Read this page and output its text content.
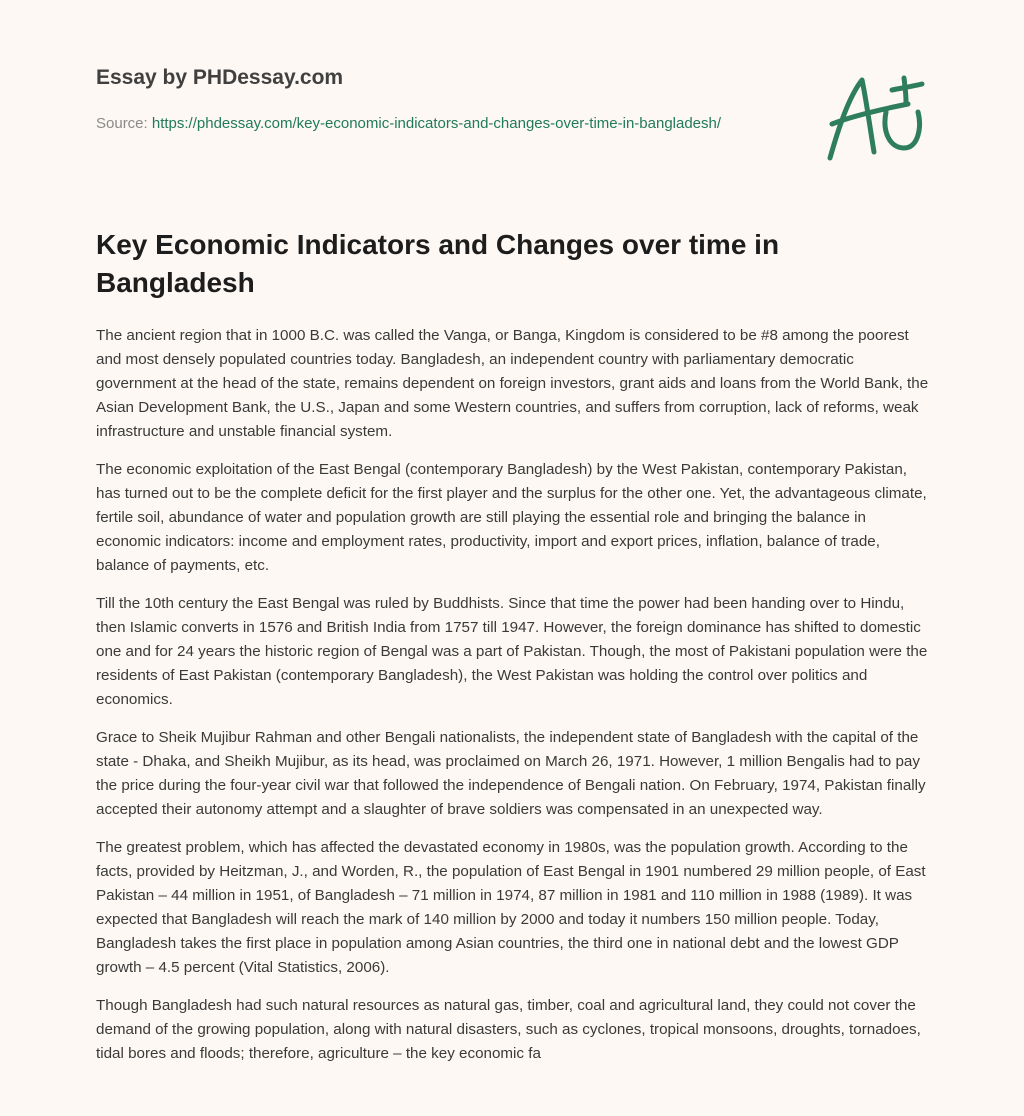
Essay by PHDessay.com
Source: https://phdessay.com/key-economic-indicators-and-changes-over-time-in-bangladesh/
Key Economic Indicators and Changes over time in Bangladesh

The ancient region that in 1000 B.C. was called the Vanga, or Banga, Kingdom is considered to be #8 among the poorest and most densely populated countries today. Bangladesh, an independent country with parliamentary democratic government at the head of the state, remains dependent on foreign investors, grant aids and loans from the World Bank, the Asian Development Bank, the U.S., Japan and some Western countries, and suffers from corruption, lack of reforms, weak infrastructure and unstable financial system.

The economic exploitation of the East Bengal (contemporary Bangladesh) by the West Pakistan, contemporary Pakistan, has turned out to be the complete deficit for the first player and the surplus for the other one. Yet, the advantageous climate, fertile soil, abundance of water and population growth are still playing the essential role and bringing the balance in economic indicators: income and employment rates, productivity, import and export prices, inflation, balance of trade, balance of payments, etc.

Till the 10th century the East Bengal was ruled by Buddhists. Since that time the power had been handing over to Hindu, then Islamic converts in 1576 and British India from 1757 till 1947. However, the foreign dominance has shifted to domestic one and for 24 years the historic region of Bengal was a part of Pakistan. Though, the most of Pakistani population were the residents of East Pakistan (contemporary Bangladesh), the West Pakistan was holding the control over politics and economics.

Grace to Sheik Mujibur Rahman and other Bengali nationalists, the independent state of Bangladesh with the capital of the state - Dhaka, and Sheikh Mujibur, as its head, was proclaimed on March 26, 1971. However, 1 million Bengalis had to pay the price during the four-year civil war that followed the independence of Bengali nation. On February, 1974, Pakistan finally accepted their autonomy attempt and a slaughter of brave soldiers was compensated in an unexpected way.

The greatest problem, which has affected the devastated economy in 1980s, was the population growth. According to the facts, provided by Heitzman, J., and Worden, R., the population of East Bengal in 1901 numbered 29 million people, of East Pakistan – 44 million in 1951, of Bangladesh – 71 million in 1974, 87 million in 1981 and 110 million in 1988 (1989). It was expected that Bangladesh will reach the mark of 140 million by 2000 and today it numbers 150 million people. Today, Bangladesh takes the first place in population among Asian countries, the third one in national debt and the lowest GDP growth – 4.5 percent (Vital Statistics, 2006).

Though Bangladesh had such natural resources as natural gas, timber, coal and agricultural land, they could not cover the demand of the growing population, along with natural disasters, such as cyclones, tropical monsoons, droughts, tornadoes, tidal bores and floods; therefore, agriculture – the key economic fa
